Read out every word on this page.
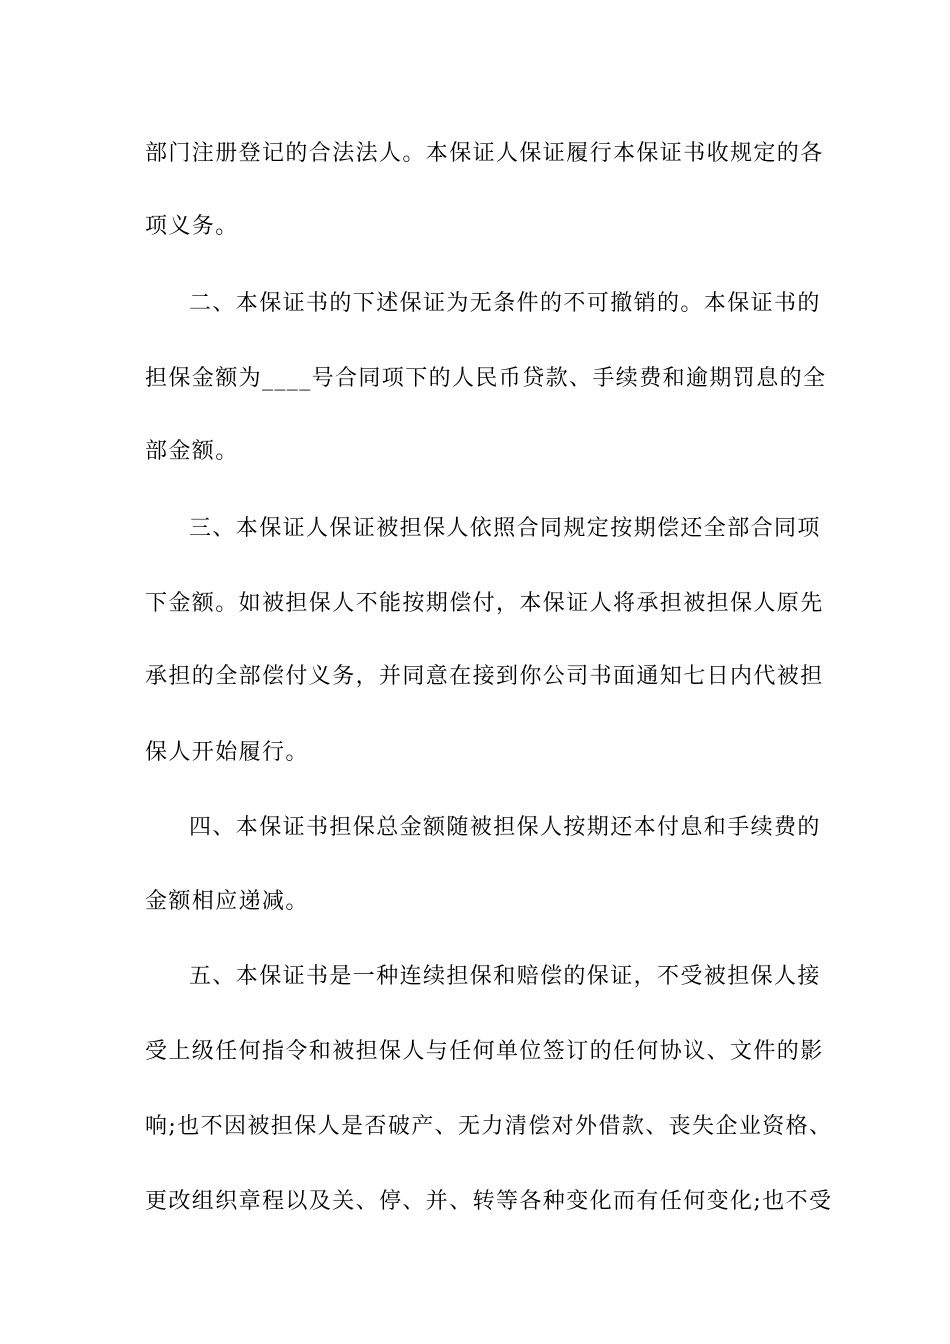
部门注册登记的合法法人。本保证人保证履行本保证书收规定的各

项义务。

二、本保证书的下述保证为无条件的不可撤销的。本保证书的

担保金额为____号合同项下的人民币贷款、手续费和逾期罚息的全

部金额。

三、本保证人保证被担保人依照合同规定按期偿还全部合同项

下金额。如被担保人不能按期偿付，本保证人将承担被担保人原先

承担的全部偿付义务，并同意在接到你公司书面通知七日内代被担

保人开始履行。

四、本保证书担保总金额随被担保人按期还本付息和手续费的

金额相应递减。

五、本保证书是一种连续担保和赔偿的保证，不受被担保人接

受上级任何指令和被担保人与任何单位签订的任何协议、文件的影

响;也不因被担保人是否破产、无力清偿对外借款、丧失企业资格、

更改组织章程以及关、停、并、转等各种变化而有任何变化;也不受
